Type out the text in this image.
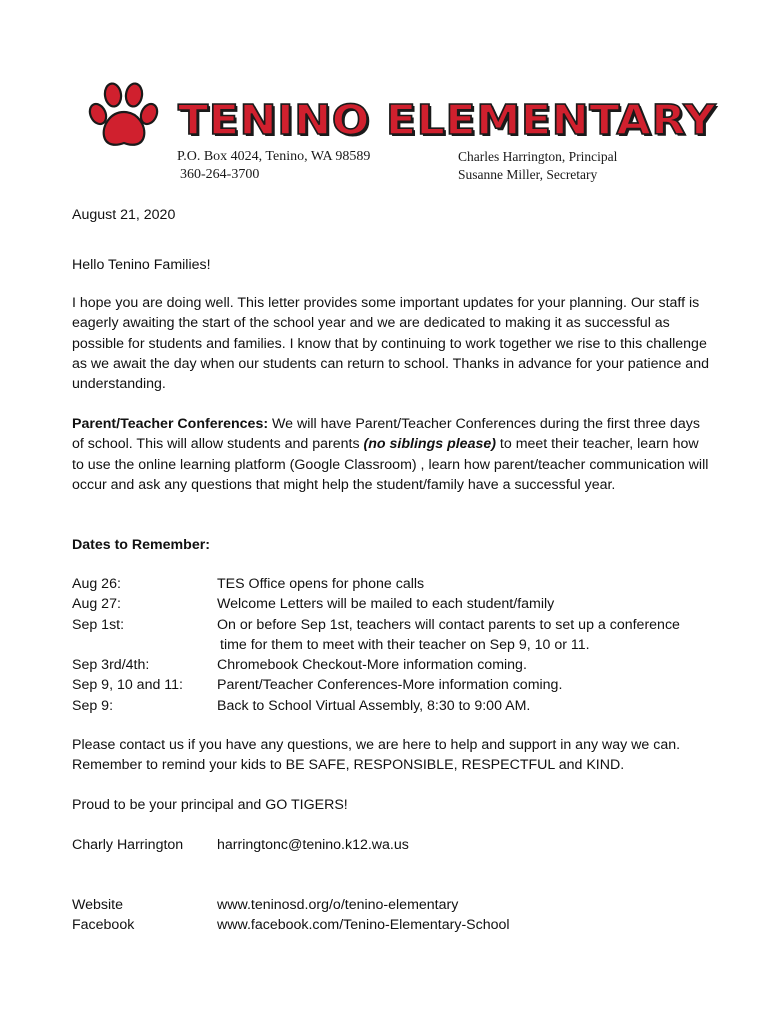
TENINO ELEMENTARY
P.O. Box 4024, Tenino, WA 98589
360-264-3700
Charles Harrington, Principal
Susanne Miller, Secretary

August 21, 2020

Hello Tenino Families!

I hope you are doing well. This letter provides some important updates for your planning. Our staff is eagerly awaiting the start of the school year and we are dedicated to making it as successful as possible for students and families. I know that by continuing to work together we rise to this challenge as we await the day when our students can return to school. Thanks in advance for your patience and understanding.

Parent/Teacher Conferences: We will have Parent/Teacher Conferences during the first three days of school. This will allow students and parents (no siblings please) to meet their teacher, learn how to use the online learning platform (Google Classroom) , learn how parent/teacher communication will occur and ask any questions that might help the student/family have a successful year.

Dates to Remember:

Aug 26:	TES Office opens for phone calls
Aug 27:	Welcome Letters will be mailed to each student/family
Sep 1st:	On or before Sep 1st, teachers will contact parents to set up a conference
time for them to meet with their teacher on Sep 9, 10 or 11.

Sep 3rd/4th:	Chromebook Checkout-More information coming.
Sep 9, 10 and 11:	Parent/Teacher Conferences-More information coming.
Sep 9:	Back to School Virtual Assembly, 8:30 to 9:00 AM.

Please contact us if you have any questions, we are here to help and support in any way we can. Remember to remind your kids to BE SAFE, RESPONSIBLE, RESPECTFUL and KIND.

Proud to be your principal and GO TIGERS!

Charly Harrington harringtonc@tenino.k12.wa.us
Website	www.teninosd.org/o/tenino-elementary
Facebook	www.facebook.com/Tenino-Elementary-School
